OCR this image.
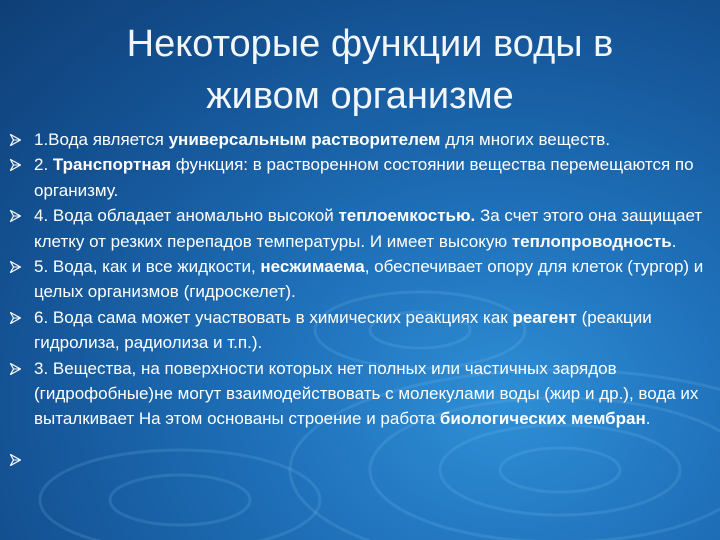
Некоторые функции воды в
живом организме
1.Вода является универсальным растворителем для многих веществ.
2. Транспортная функция: в растворенном состоянии вещества перемещаются по организму.
4. Вода обладает аномально высокой теплоемкостью. За счет этого она защищает клетку от резких перепадов температуры. И имеет высокую теплопроводность.
5. Вода, как и все жидкости, несжимаема, обеспечивает опору для клеток (тургор) и целых организмов (гидроскелет).
6. Вода сама может участвовать в химических реакциях как реагент (реакции гидролиза, радиолиза и т.п.).
3. Вещества, на поверхности которых нет полных или частичных зарядов (гидрофобные)не могут взаимодействовать с молекулами воды (жир и др.), вода их выталкивает На этом основаны строение и работа биологических мембран.
